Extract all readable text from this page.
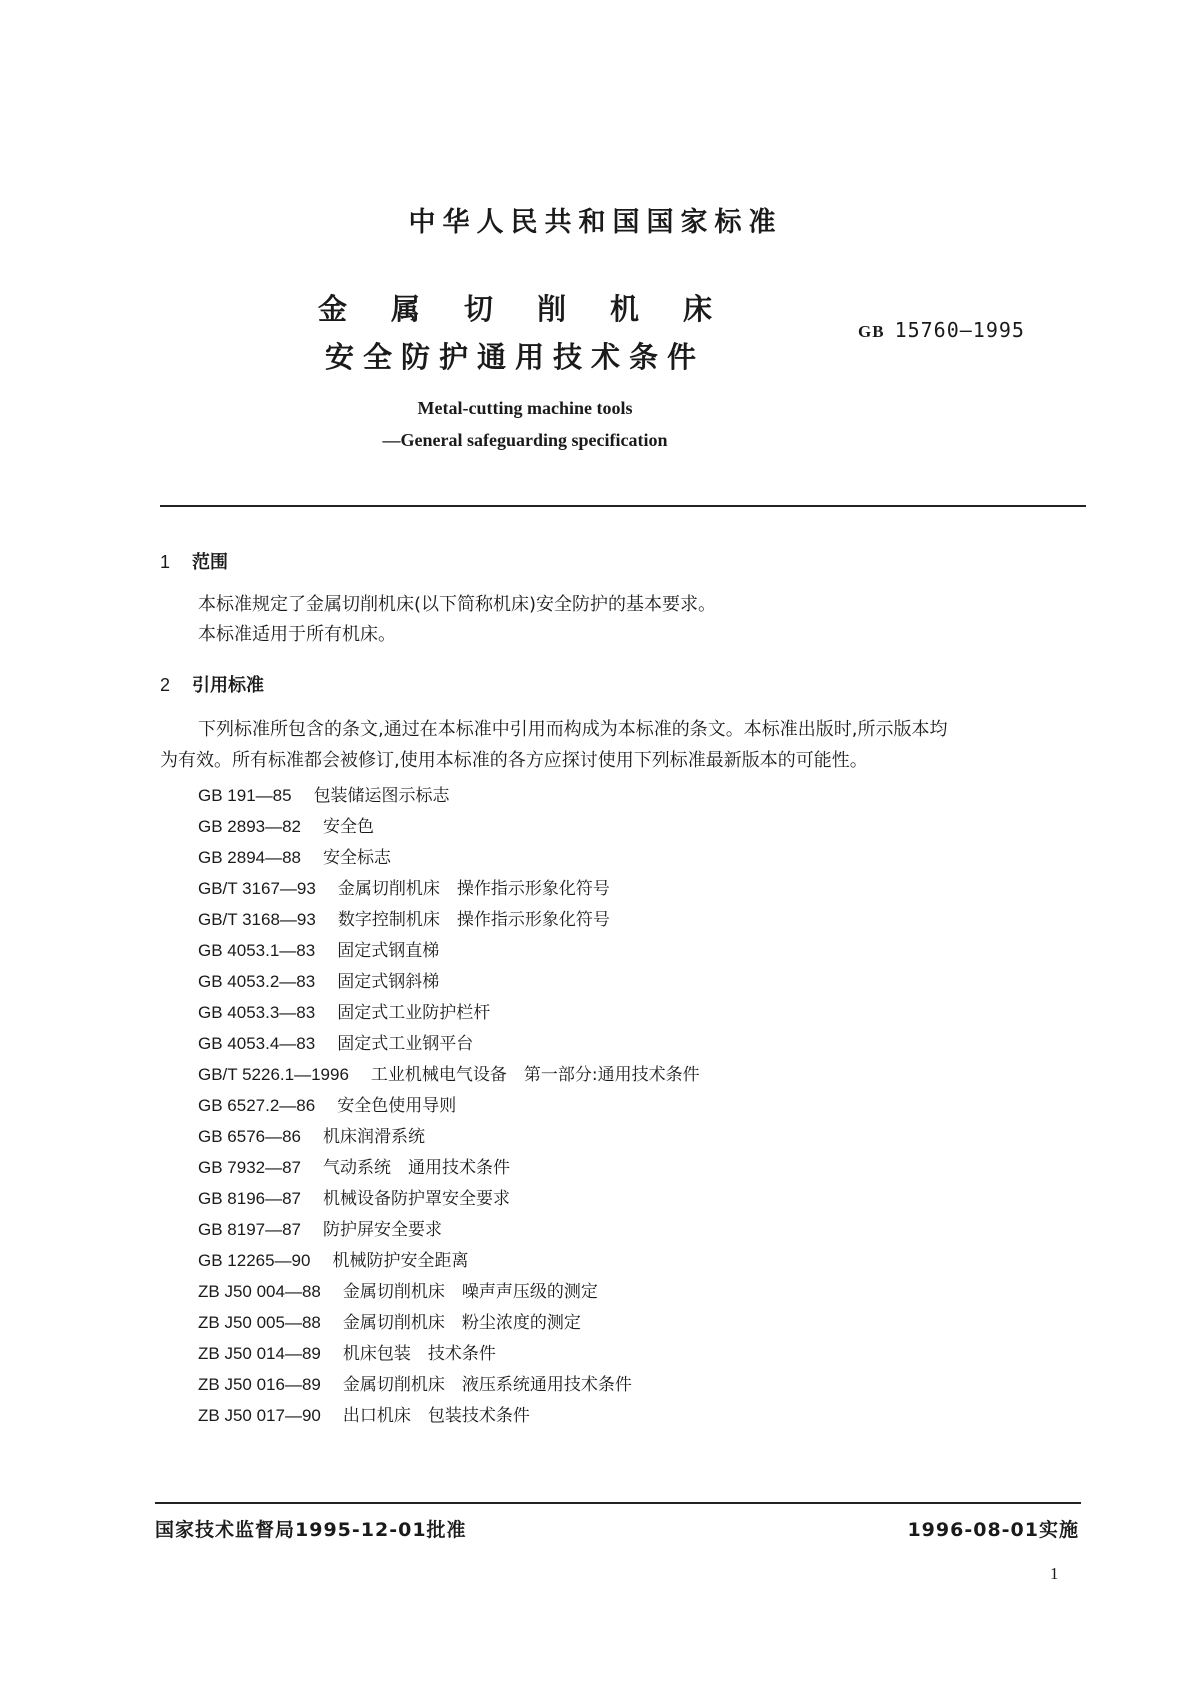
中华人民共和国国家标准
金属切削机床
安全防护通用技术条件
GB 15760—1995
Metal-cutting machine tools
—General safeguarding specification
1 范围
本标准规定了金属切削机床(以下简称机床)安全防护的基本要求。
本标准适用于所有机床。
2 引用标准
下列标准所包含的条文,通过在本标准中引用而构成为本标准的条文。本标准出版时,所示版本均
为有效。所有标准都会被修订,使用本标准的各方应探讨使用下列标准最新版本的可能性。
GB 191—85 包装储运图示标志
GB 2893—82 安全色
GB 2894—88 安全标志
GB/T 3167—93 金属切削机床　操作指示形象化符号
GB/T 3168—93 数字控制机床　操作指示形象化符号
GB 4053.1—83 固定式钢直梯
GB 4053.2—83 固定式钢斜梯
GB 4053.3—83 固定式工业防护栏杆
GB 4053.4—83 固定式工业钢平台
GB/T 5226.1—1996 工业机械电气设备　第一部分:通用技术条件
GB 6527.2—86 安全色使用导则
GB 6576—86 机床润滑系统
GB 7932—87 气动系统　通用技术条件
GB 8196—87 机械设备防护罩安全要求
GB 8197—87 防护屏安全要求
GB 12265—90 机械防护安全距离
ZB J50 004—88 金属切削机床　噪声声压级的测定
ZB J50 005—88 金属切削机床　粉尘浓度的测定
ZB J50 014—89 机床包装　技术条件
ZB J50 016—89 金属切削机床　液压系统通用技术条件
ZB J50 017—90 出口机床　包装技术条件
国家技术监督局1995-12-01批准	1996-08-01实施
1
